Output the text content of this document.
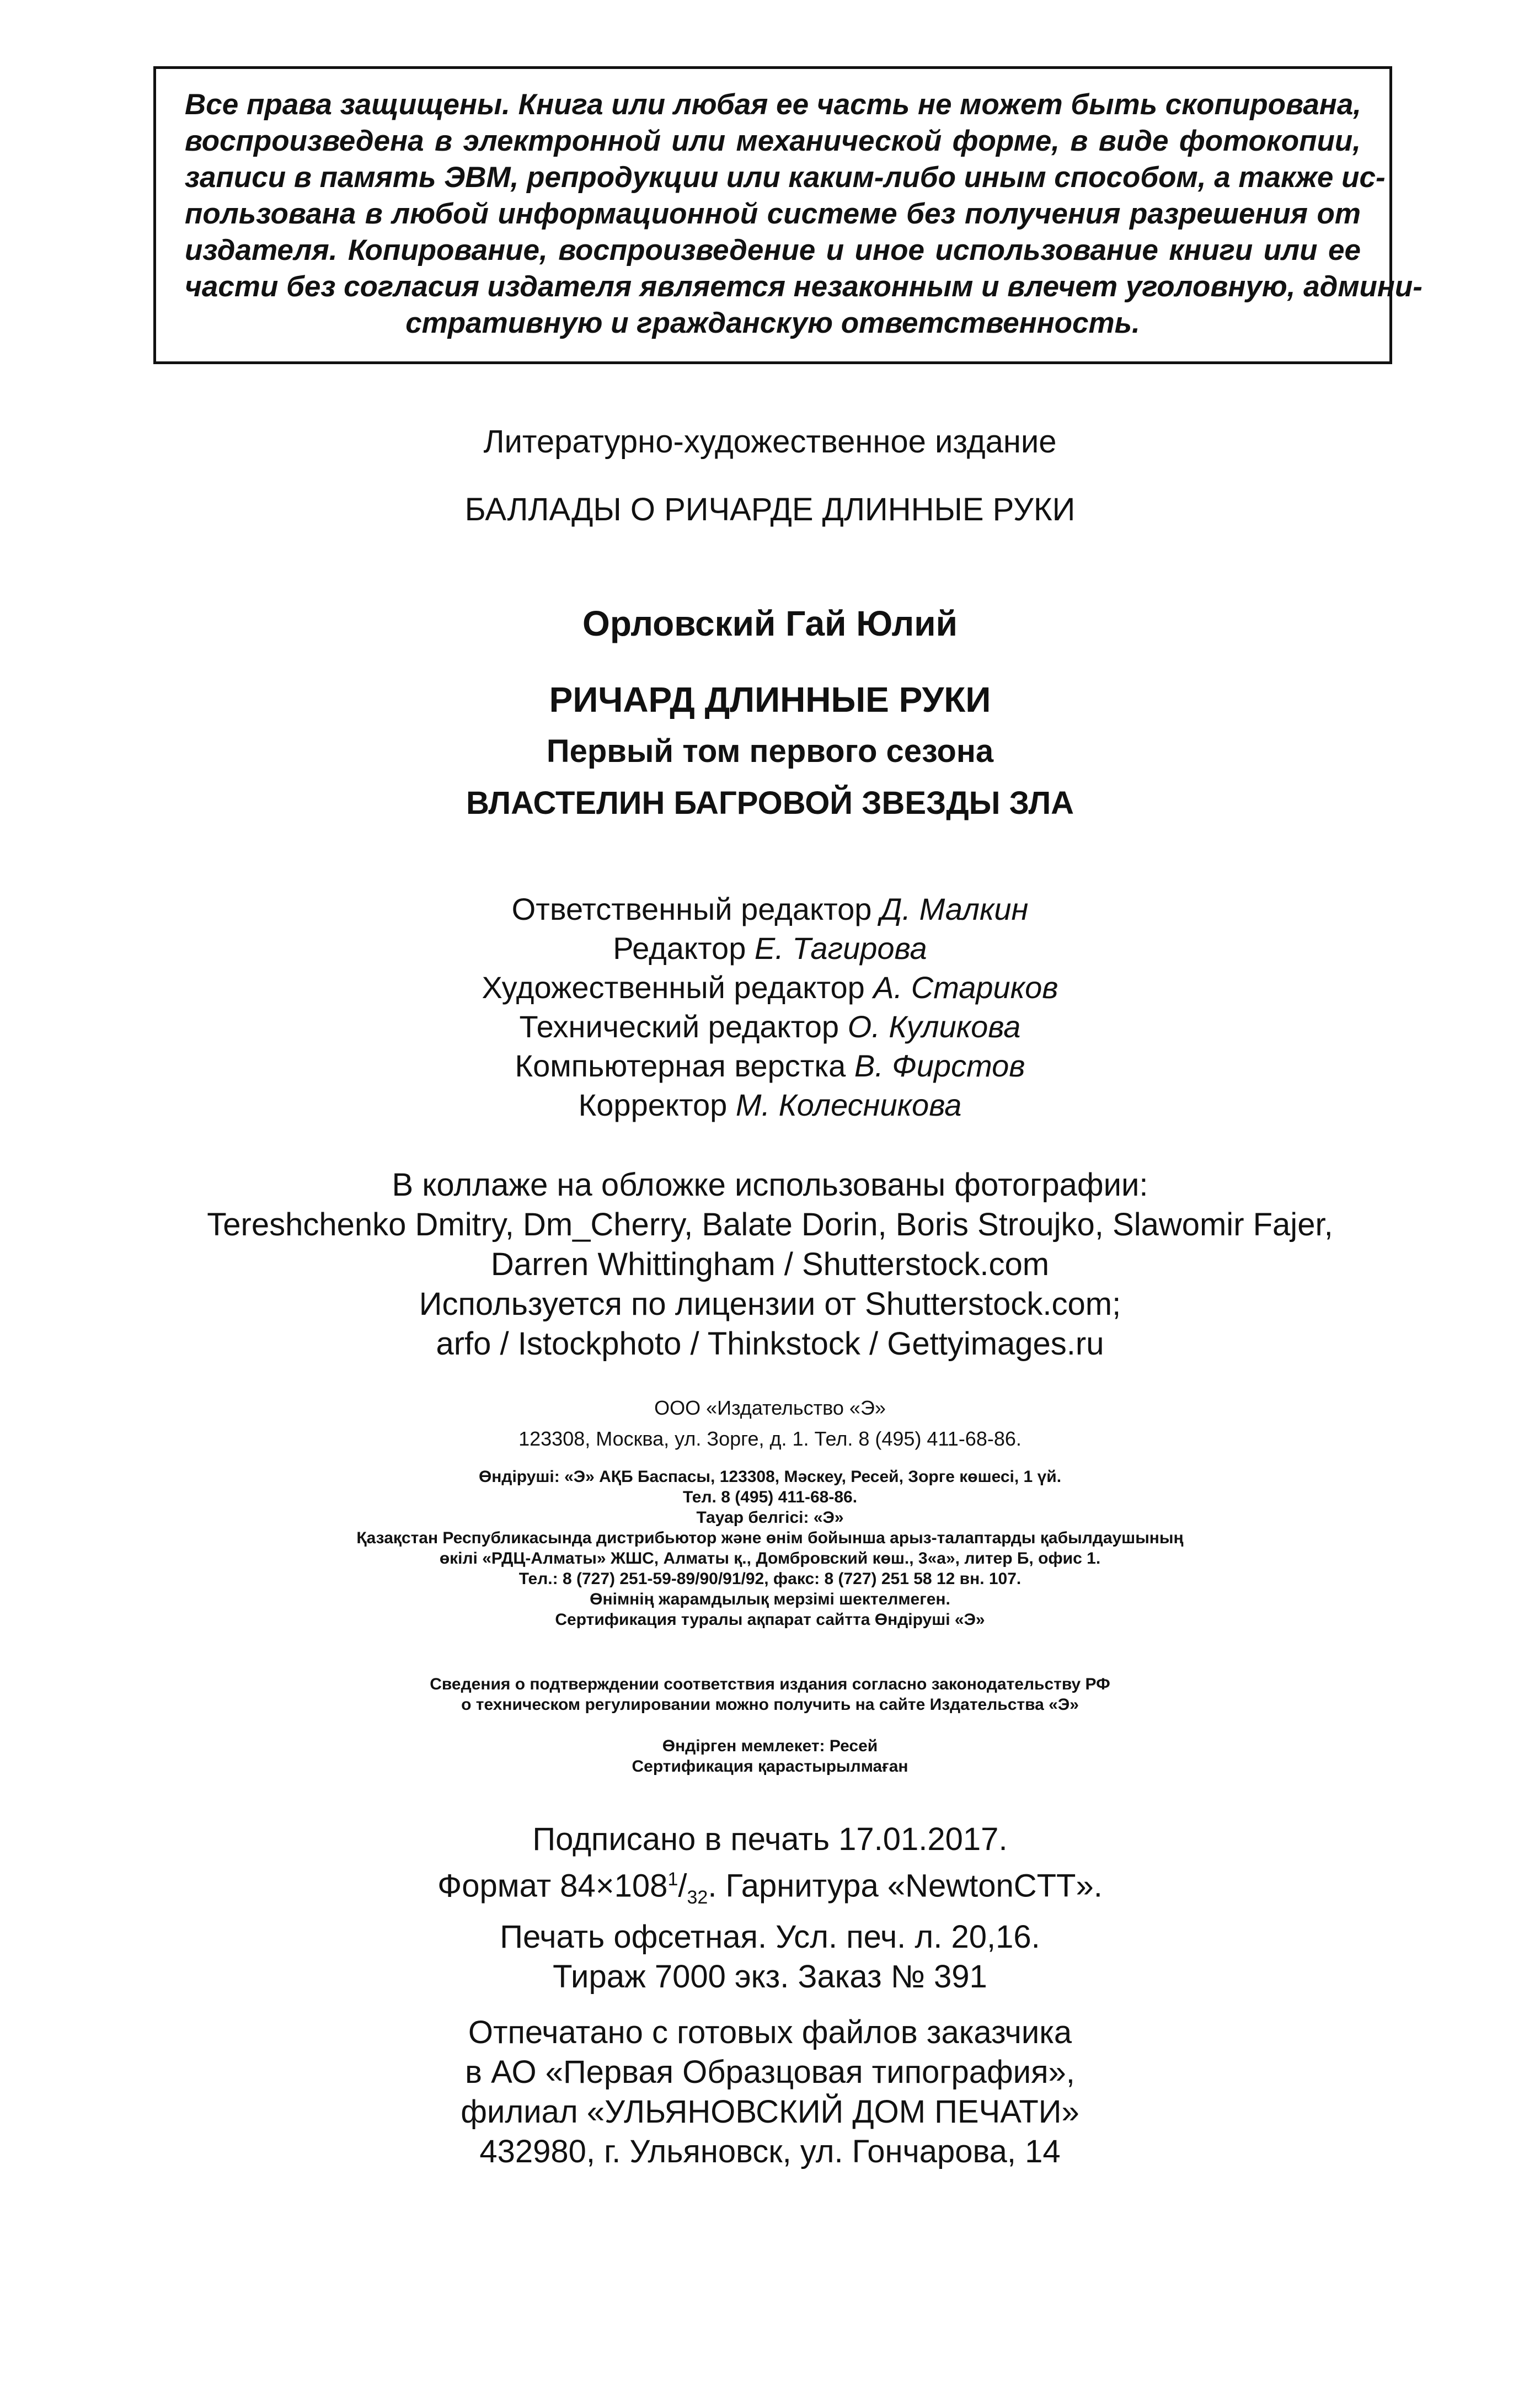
Все права защищены. Книга или любая ее часть не может быть скопирована,
воспроизведена в электронной или механической форме, в виде фотокопии,
записи в память ЭВМ, репродукции или каким-либо иным способом, а также ис-
пользована в любой информационной системе без получения разрешения от
издателя. Копирование, воспроизведение и иное использование книги или ее
части без согласия издателя является незаконным и влечет уголовную, админи-
стративную и гражданскую ответственность.
Литературно-художественное издание
БАЛЛАДЫ О РИЧАРДЕ ДЛИННЫЕ РУКИ
Орловский Гай Юлий
РИЧАРД ДЛИННЫЕ РУКИ
Первый том первого сезона
ВЛАСТЕЛИН БАГРОВОЙ ЗВЕЗДЫ ЗЛА
Ответственный редактор Д. Малкин
Редактор Е. Тагирова
Художественный редактор А. Стариков
Технический редактор О. Куликова
Компьютерная верстка В. Фирстов
Корректор М. Колесникова
В коллаже на обложке использованы фотографии:
Tereshchenko Dmitry, Dm_Cherry, Balate Dorin, Boris Stroujko, Slawomir Fajer,
Darren Whittingham / Shutterstock.com
Используется по лицензии от Shutterstock.com;
arfo / Istockphoto / Thinkstock / Gettyimages.ru
ООО «Издательство «Э»
123308, Москва, ул. Зорге, д. 1. Тел. 8 (495) 411-68-86.
Өндіруші: «Э» АҚБ Баспасы, 123308, Мәскеу, Ресей, Зорге көшесі, 1 үй.
Тел. 8 (495) 411-68-86.
Тауар белгісі: «Э»
Қазақстан Республикасында дистрибьютор және өнім бойынша арыз-талаптарды қабылдаушының
өкілі «РДЦ-Алматы» ЖШС, Алматы қ., Домбровский көш., 3«а», литер Б, офис 1.
Тел.: 8 (727) 251-59-89/90/91/92, факс: 8 (727) 251 58 12 вн. 107.
Өнімнің жарамдылық мерзімі шектелмеген.
Сертификация туралы ақпарат сайтта Өндіруші «Э»
Сведения о подтверждении соответствия издания согласно законодательству РФ
о техническом регулировании можно получить на сайте Издательства «Э»
Өндірген мемлекет: Ресей
Сертификация қарастырылмаған
Подписано в печать 17.01.2017.
Формат $84\times 108^1/_{32}$. Гарнитура «NewtonCTT».
Печать офсетная. Усл. печ. л. 20,16.
Тираж 7000 экз. Заказ № 391
Отпечатано с готовых файлов заказчика
в АО «Первая Образцовая типография»,
филиал «УЛЬЯНОВСКИЙ ДОМ ПЕЧАТИ»
432980, г. Ульяновск, ул. Гончарова, 14
